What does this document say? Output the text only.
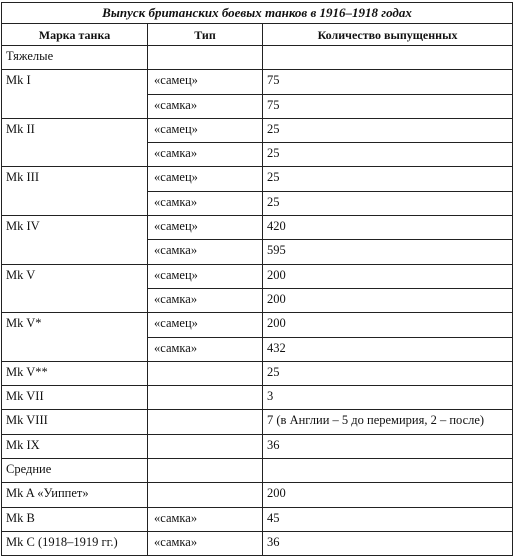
Выпуск британских боевых танков в 1916–1918 годах		
Марка танка	Тип	Количество выпущенных
Тяжелые		
Mk I	«самец»	75
	«самка»	75
Mk II	«самец»	25
	«самка»	25
Mk III	«самец»	25
	«самка»	25
Mk IV	«самец»	420
	«самка»	595
Mk V	«самец»	200
	«самка»	200
Mk V*	«самец»	200
	«самка»	432
Mk V**		25
Mk VII		3
Mk VIII		7 (в Англии – 5 до перемирия, 2 – после)
Mk IX		36
Средние		
Mk A «Уиппет»		200
Mk B	«самка»	45
Mk C (1918–1919 гг.)	«самка»	36
